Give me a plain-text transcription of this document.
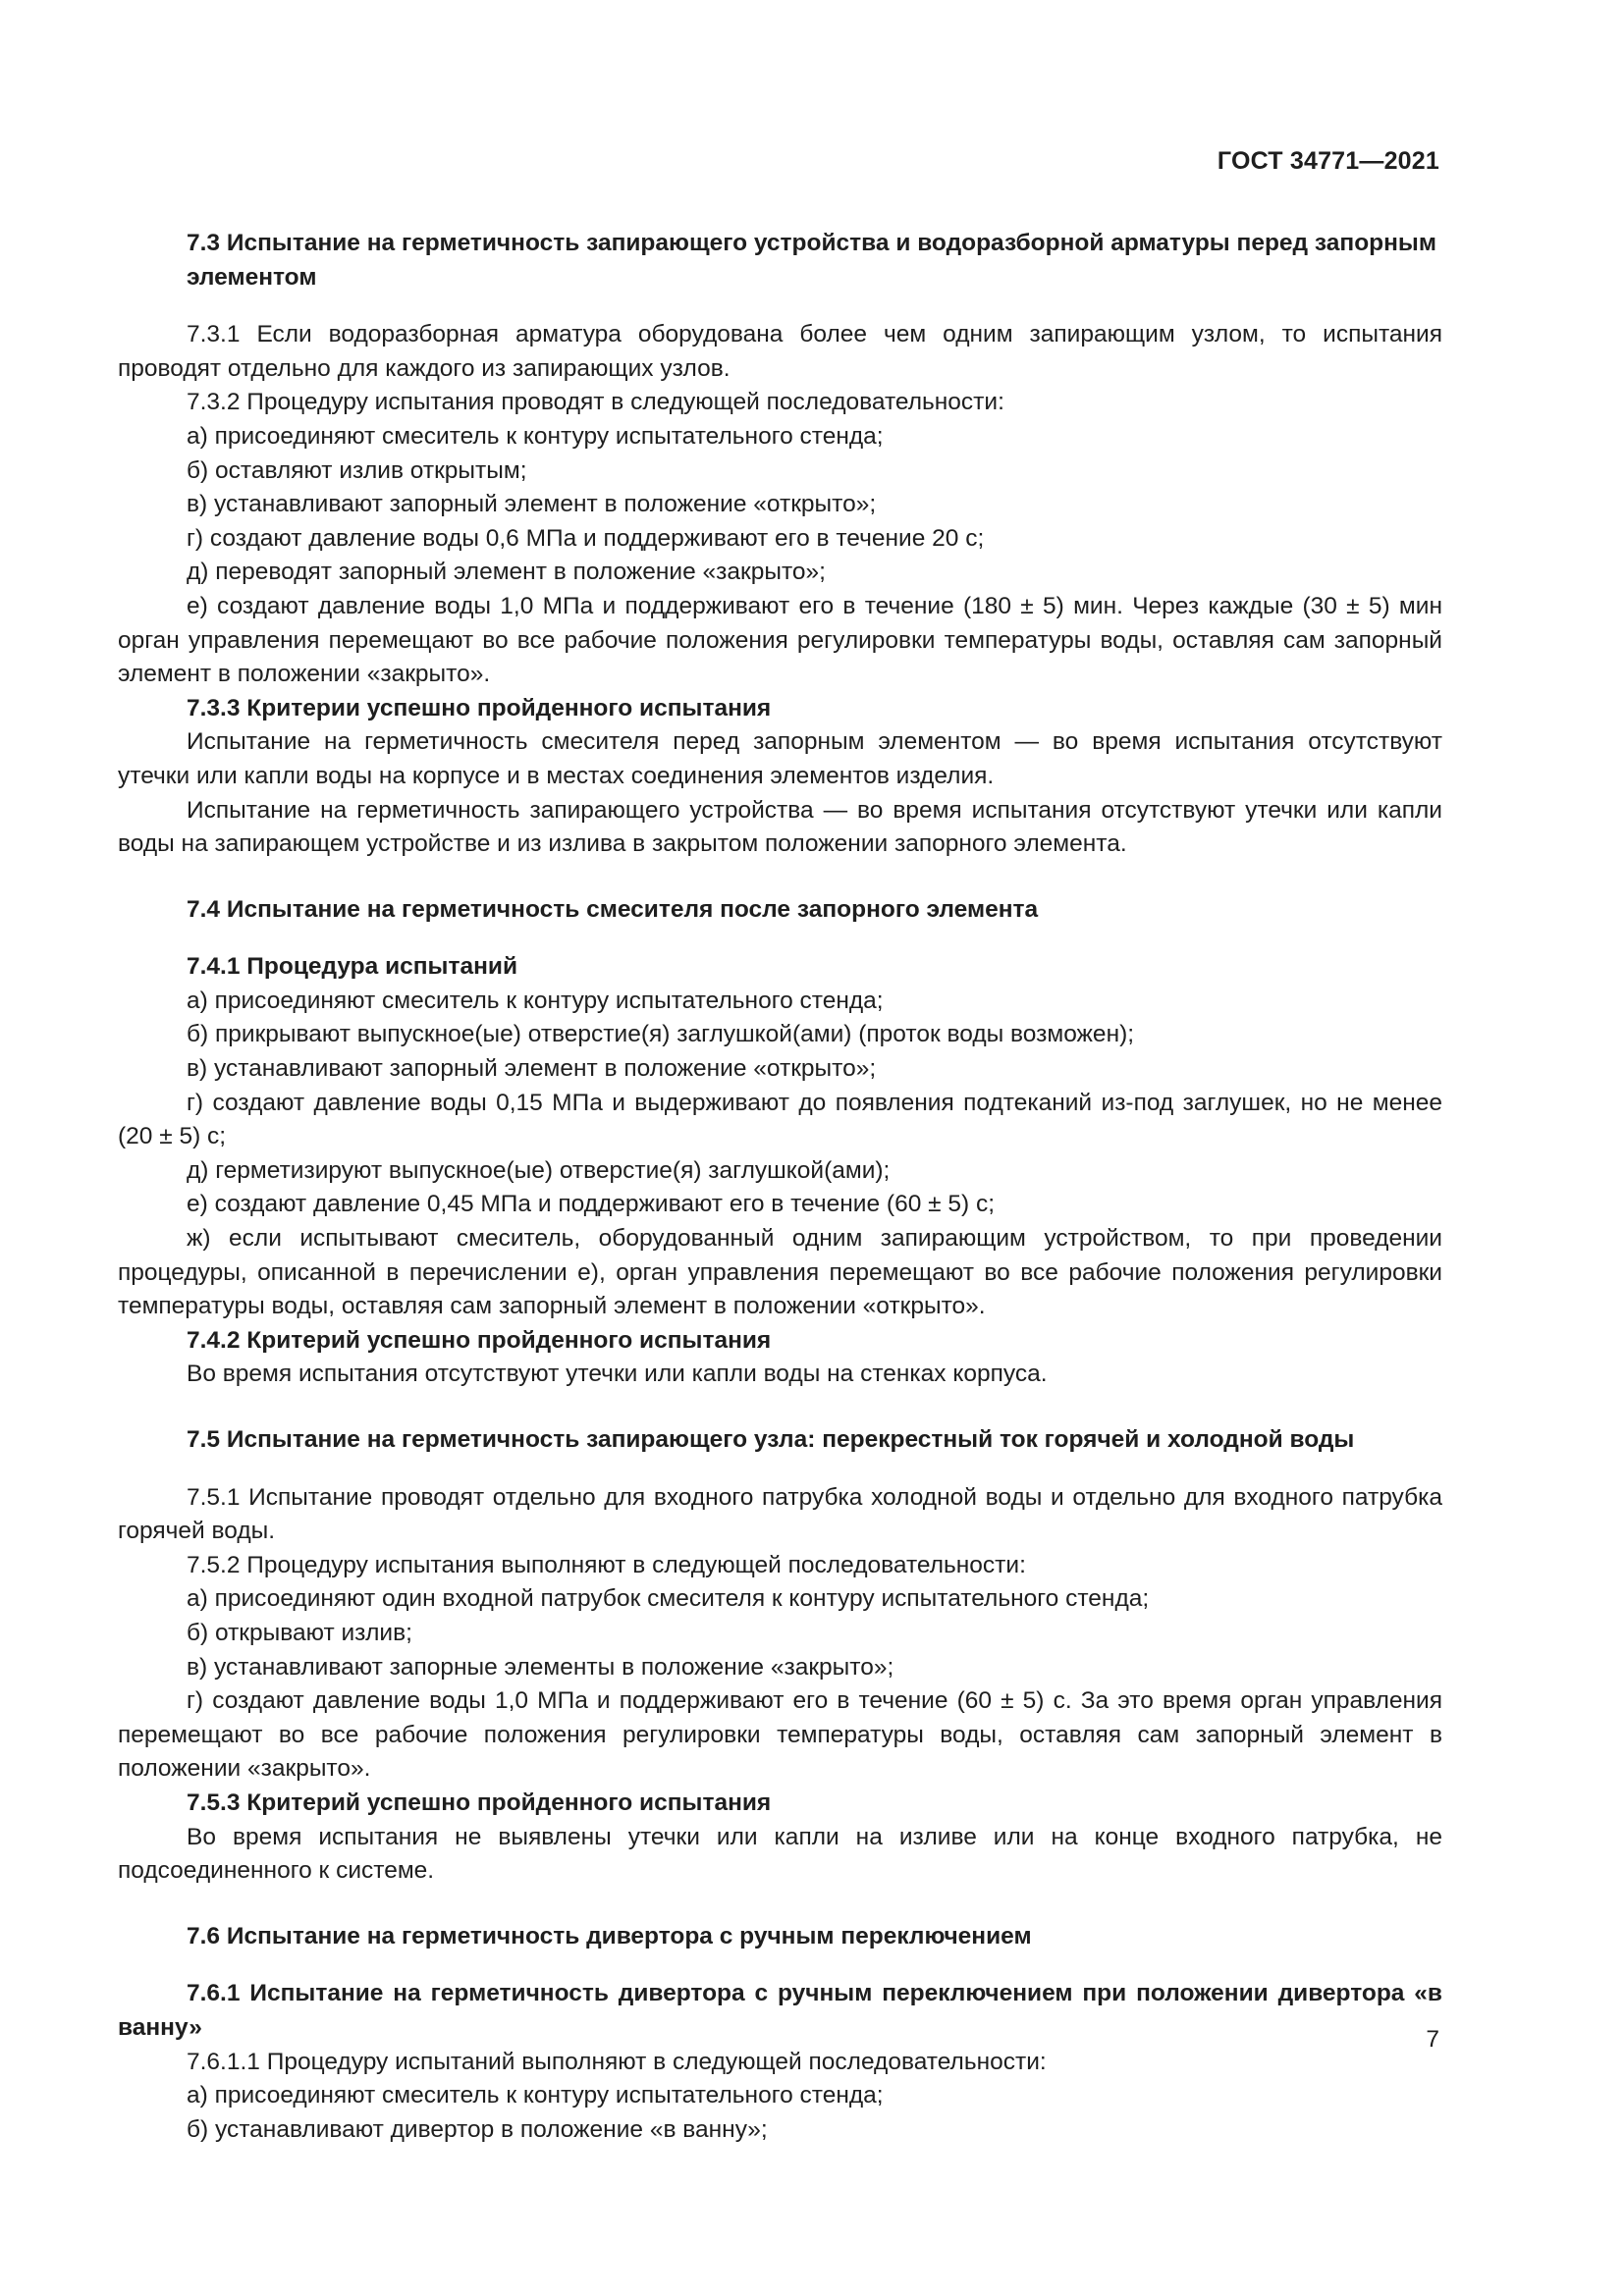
ГОСТ 34771—2021
7.3 Испытание на герметичность запирающего устройства и водоразборной арматуры перед запорным элементом
7.3.1 Если водоразборная арматура оборудована более чем одним запирающим узлом, то испытания проводят отдельно для каждого из запирающих узлов.
7.3.2 Процедуру испытания проводят в следующей последовательности:
а) присоединяют смеситель к контуру испытательного стенда;
б) оставляют излив открытым;
в) устанавливают запорный элемент в положение «открыто»;
г) создают давление воды 0,6 МПа и поддерживают его в течение 20 с;
д) переводят запорный элемент в положение «закрыто»;
е) создают давление воды 1,0 МПа и поддерживают его в течение (180 ± 5) мин. Через каждые (30 ± 5) мин орган управления перемещают во все рабочие положения регулировки температуры воды, оставляя сам запорный элемент в положении «закрыто».
7.3.3 Критерии успешно пройденного испытания
Испытание на герметичность смесителя перед запорным элементом — во время испытания отсутствуют утечки или капли воды на корпусе и в местах соединения элементов изделия.
Испытание на герметичность запирающего устройства — во время испытания отсутствуют утечки или капли воды на запирающем устройстве и из излива в закрытом положении запорного элемента.
7.4 Испытание на герметичность смесителя после запорного элемента
7.4.1 Процедура испытаний
а) присоединяют смеситель к контуру испытательного стенда;
б) прикрывают выпускное(ые) отверстие(я) заглушкой(ами) (проток воды возможен);
в) устанавливают запорный элемент в положение «открыто»;
г) создают давление воды 0,15 МПа и выдерживают до появления подтеканий из-под заглушек, но не менее (20 ± 5) с;
д) герметизируют выпускное(ые) отверстие(я) заглушкой(ами);
е) создают давление 0,45 МПа и поддерживают его в течение (60 ± 5) с;
ж) если испытывают смеситель, оборудованный одним запирающим устройством, то при проведении процедуры, описанной в перечислении е), орган управления перемещают во все рабочие положения регулировки температуры воды, оставляя сам запорный элемент в положении «открыто».
7.4.2 Критерий успешно пройденного испытания
Во время испытания отсутствуют утечки или капли воды на стенках корпуса.
7.5 Испытание на герметичность запирающего узла: перекрестный ток горячей и холодной воды
7.5.1 Испытание проводят отдельно для входного патрубка холодной воды и отдельно для входного патрубка горячей воды.
7.5.2 Процедуру испытания выполняют в следующей последовательности:
а) присоединяют один входной патрубок смесителя к контуру испытательного стенда;
б) открывают излив;
в) устанавливают запорные элементы в положение «закрыто»;
г) создают давление воды 1,0 МПа и поддерживают его в течение (60 ± 5) с. За это время орган управления перемещают во все рабочие положения регулировки температуры воды, оставляя сам запорный элемент в положении «закрыто».
7.5.3 Критерий успешно пройденного испытания
Во время испытания не выявлены утечки или капли на изливе или на конце входного патрубка, не подсоединенного к системе.
7.6 Испытание на герметичность дивертора с ручным переключением
7.6.1 Испытание на герметичность дивертора с ручным переключением при положении дивертора «в ванну»
7.6.1.1 Процедуру испытаний выполняют в следующей последовательности:
а) присоединяют смеситель к контуру испытательного стенда;
б) устанавливают дивертор в положение «в ванну»;
7
